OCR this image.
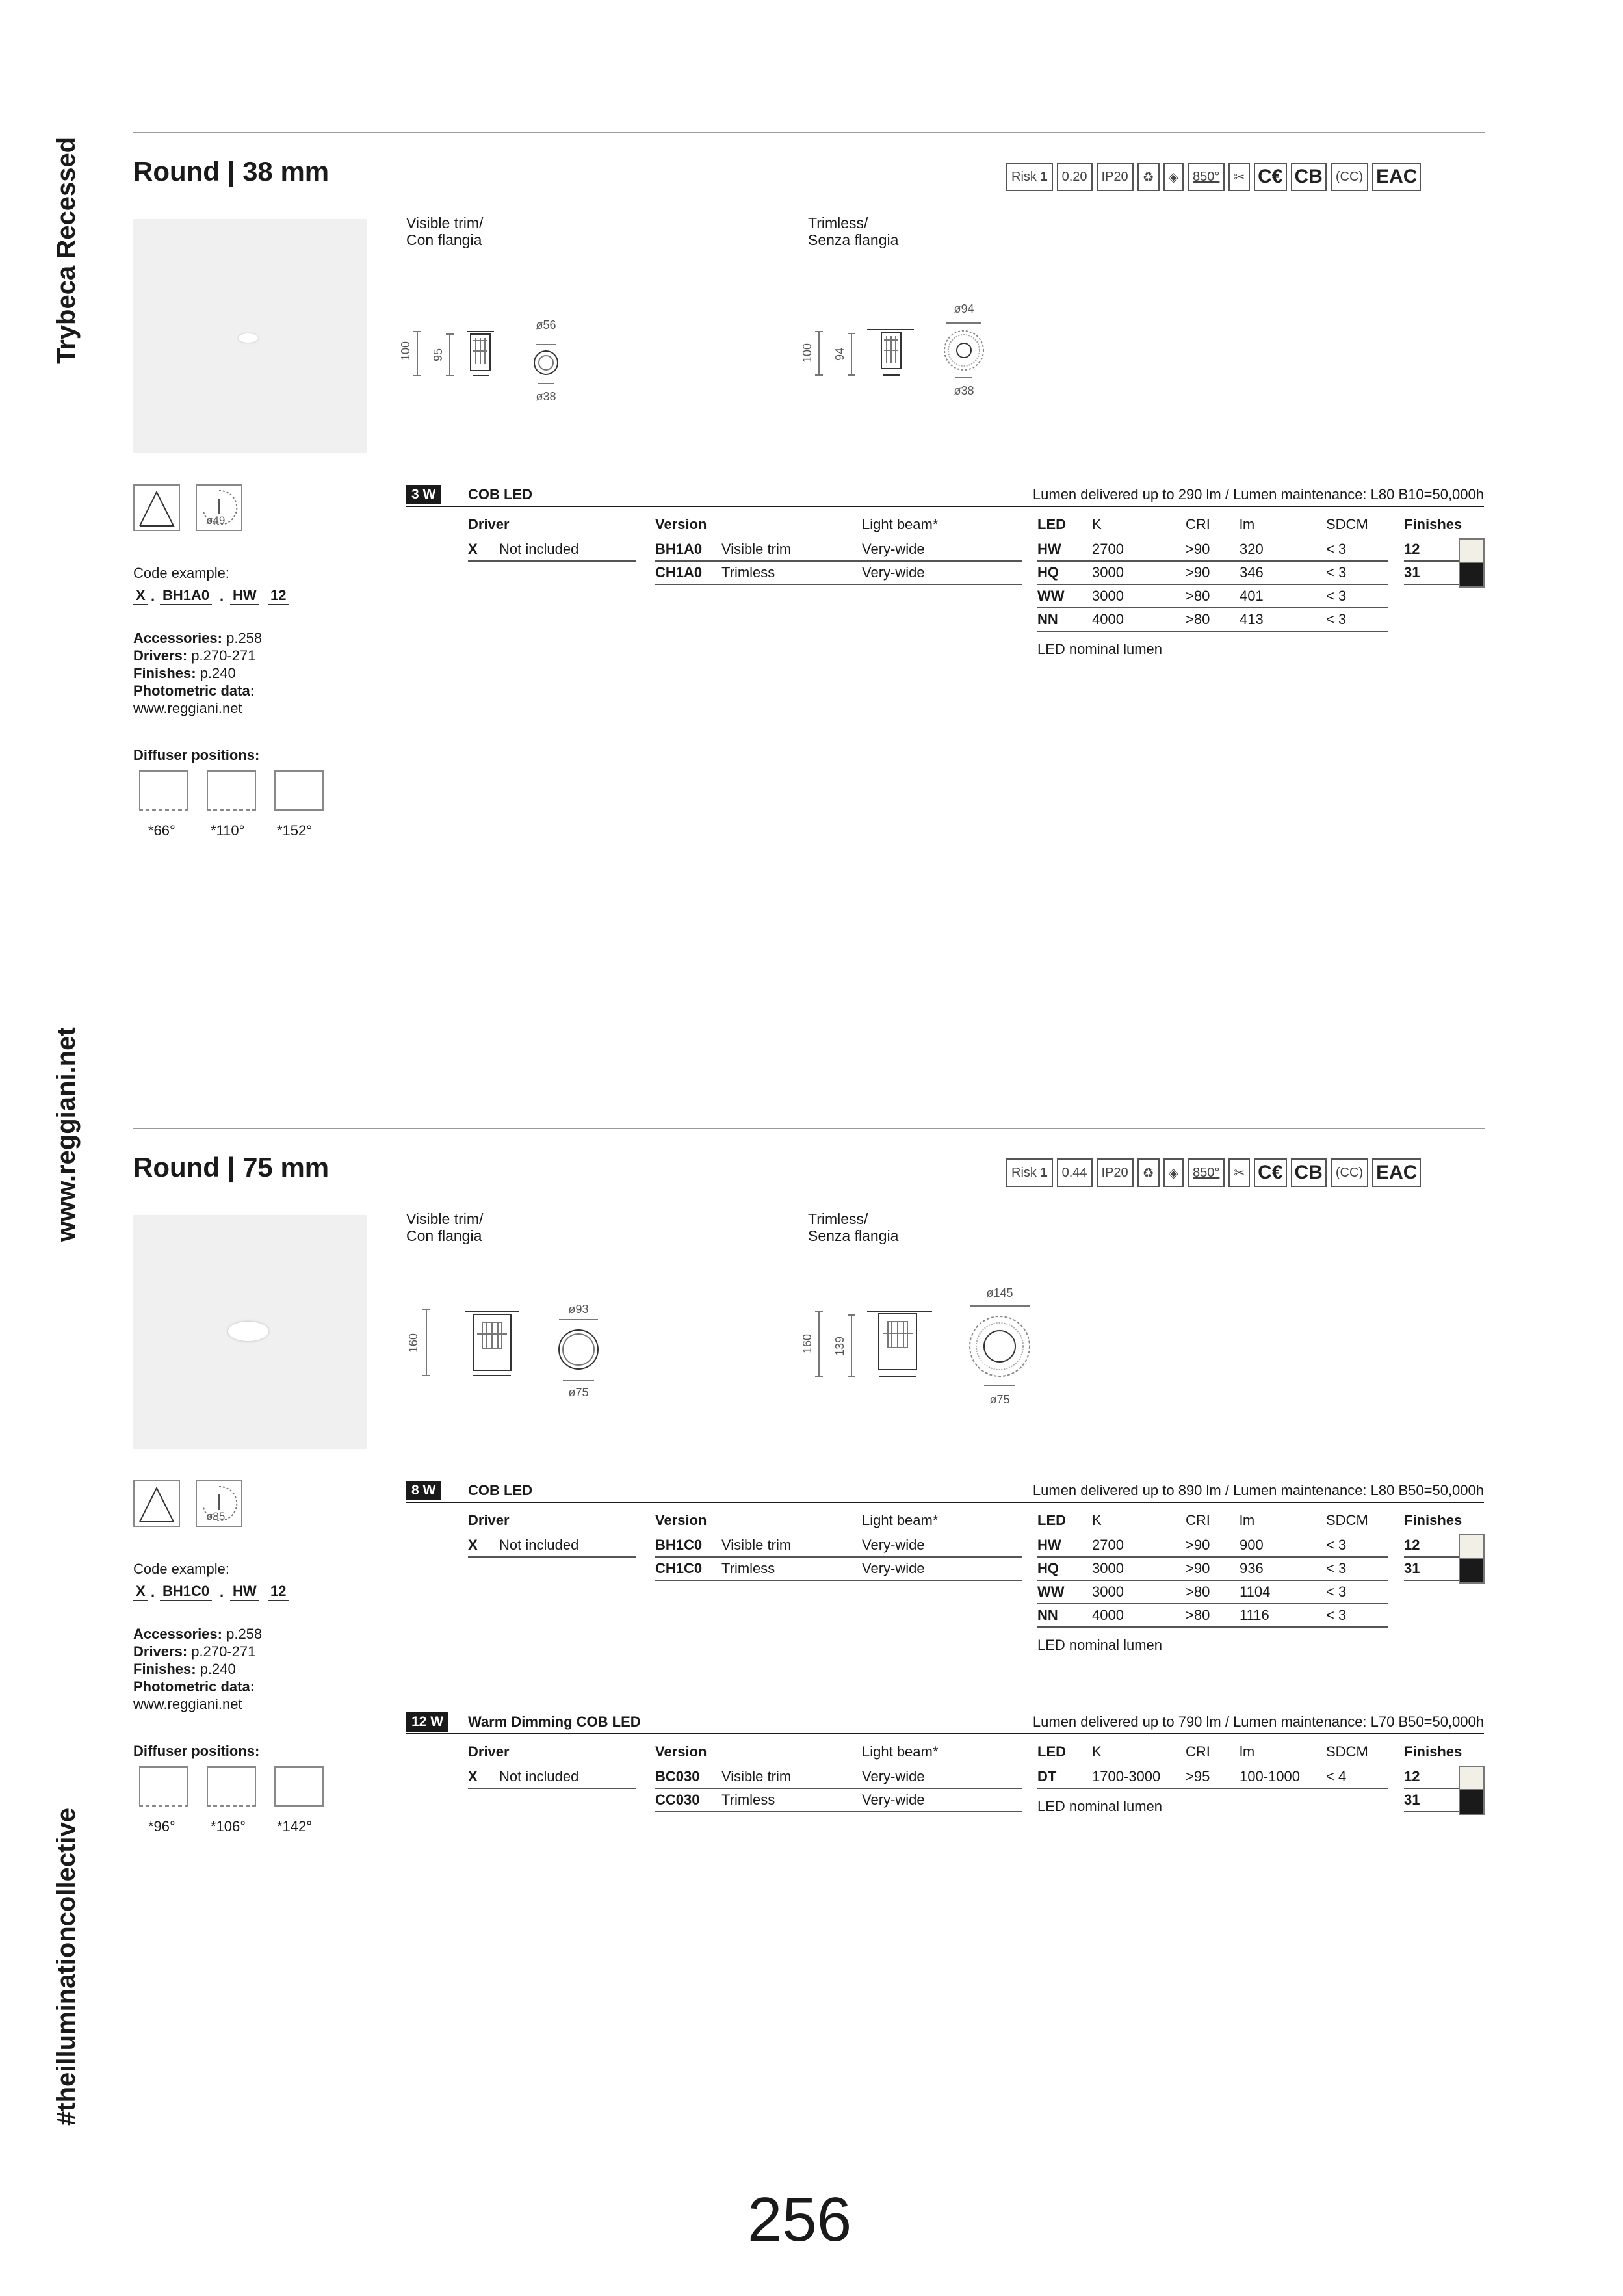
Trybeca Recessed
www.reggiani.net
#theilluminationcollective
Round | 38 mm	Risk
1	0.20	IP20	♻	◈	850°	✂ C€ CB	(CC) EAC
Visible trim/
Con flangia
100 95
ø56
ø38
Trimless/
Senza flangia
100 94
ø94
ø38
ø49
Code example:
X . BH1A0 . HW 12
Accessories: p.258
Drivers: p.270-271
Finishes: p.240
Photometric data:
www.reggiani.net
Diffuser positions:
*66° *110° *152°
3 W	COB LED	Lumen delivered up to 290 lm / Lumen maintenance: L80 B10=50,000h
Driver
X Not included
Version	Light beam*
BH1A0 Visible trim	Very-wide
CH1A0 Trimless	Very-wide
LED K	CRI lm	SDCM
HW 2700	>90 320	< 3
HQ 3000	>90 346	< 3
WW 3000	>80 401	< 3
NN 4000	>80 413	< 3
LED nominal lumen
Finishes
12
31
Round | 75 mm	Risk
1	0.44	IP20	♻	◈	850°	✂ C€ CB	(CC) EAC
Visible trim/
Con flangia
160
ø93
ø75
Trimless/
Senza flangia
160 139
ø145
ø75
ø85
Code example:
X . BH1C0 . HW 12
Accessories: p.258
Drivers: p.270-271
Finishes: p.240
Photometric data:
www.reggiani.net
Diffuser positions:
*96° *106° *142°
8 W	COB LED	Lumen delivered up to 890 lm / Lumen maintenance: L80 B50=50,000h
Driver
X Not included
Version	Light beam*
BH1C0 Visible trim	Very-wide
CH1C0 Trimless	Very-wide
LED K	CRI lm	SDCM
HW 2700	>90 900	< 3
HQ 3000	>90 936	< 3
WW 3000	>80 1104	< 3
NN 4000	>80 1116	< 3
LED nominal lumen
Finishes
12
31
12 W	Warm Dimming COB LED	Lumen delivered up to 790 lm / Lumen maintenance: L70 B50=50,000h
Driver
X Not included
Version	Light beam*
BC030 Visible trim	Very-wide
CC030 Trimless	Very-wide
LED K	CRI lm	SDCM
DT 1700-3000 >95 100-1000 < 4
LED nominal lumen
Finishes
12
31
256
